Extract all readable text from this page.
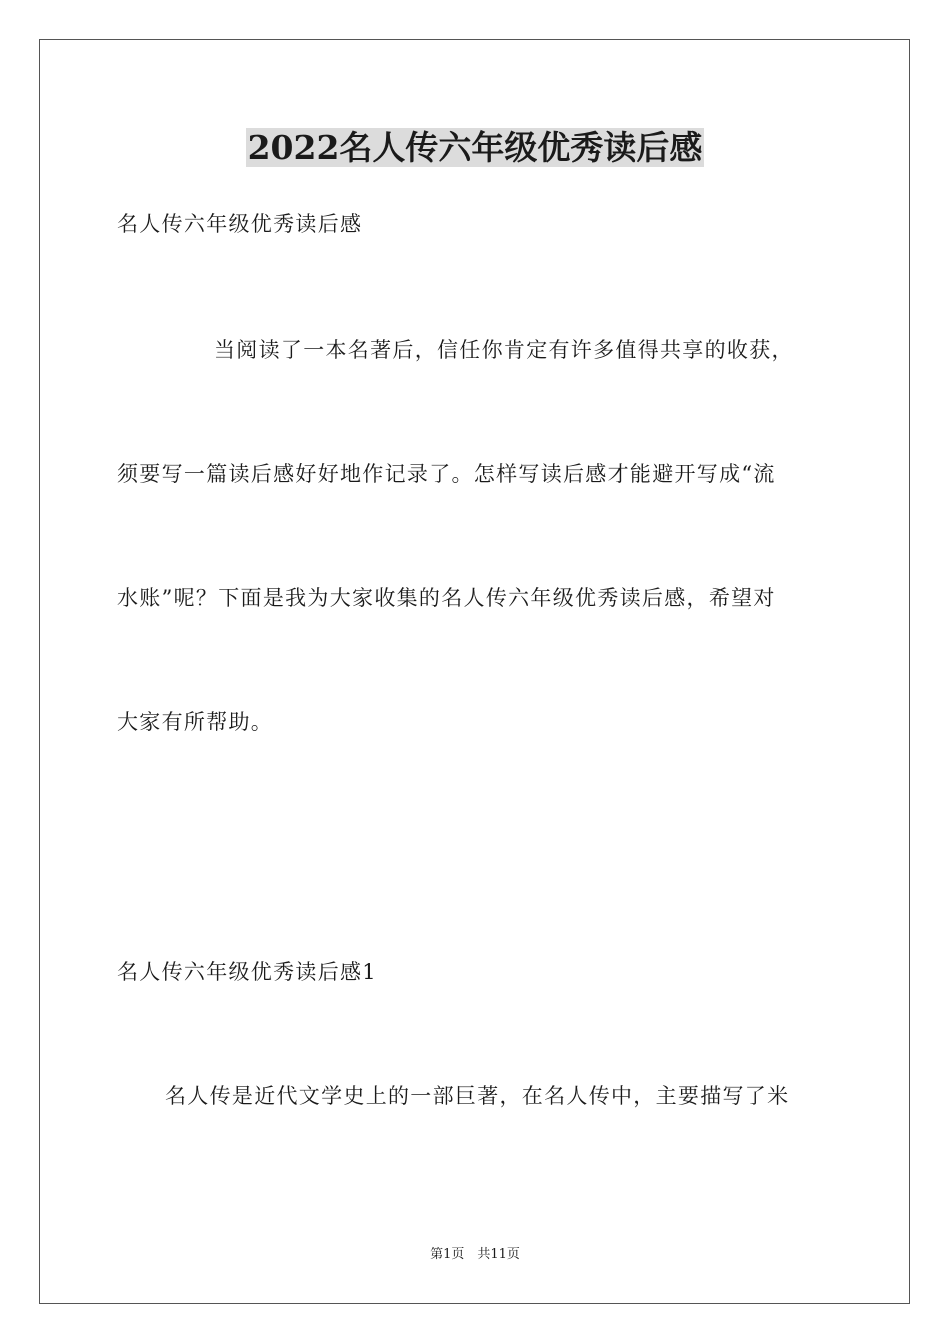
2022名人传六年级优秀读后感
名人传六年级优秀读后感
当阅读了一本名著后，信任你肯定有许多值得共享的收获，
须要写一篇读后感好好地作记录了。怎样写读后感才能避开写成“流
水账”呢？下面是我为大家收集的名人传六年级优秀读后感，希望对
大家有所帮助。
名人传六年级优秀读后感1
名人传是近代文学史上的一部巨著，在名人传中，主要描写了米
第1页　共11页
